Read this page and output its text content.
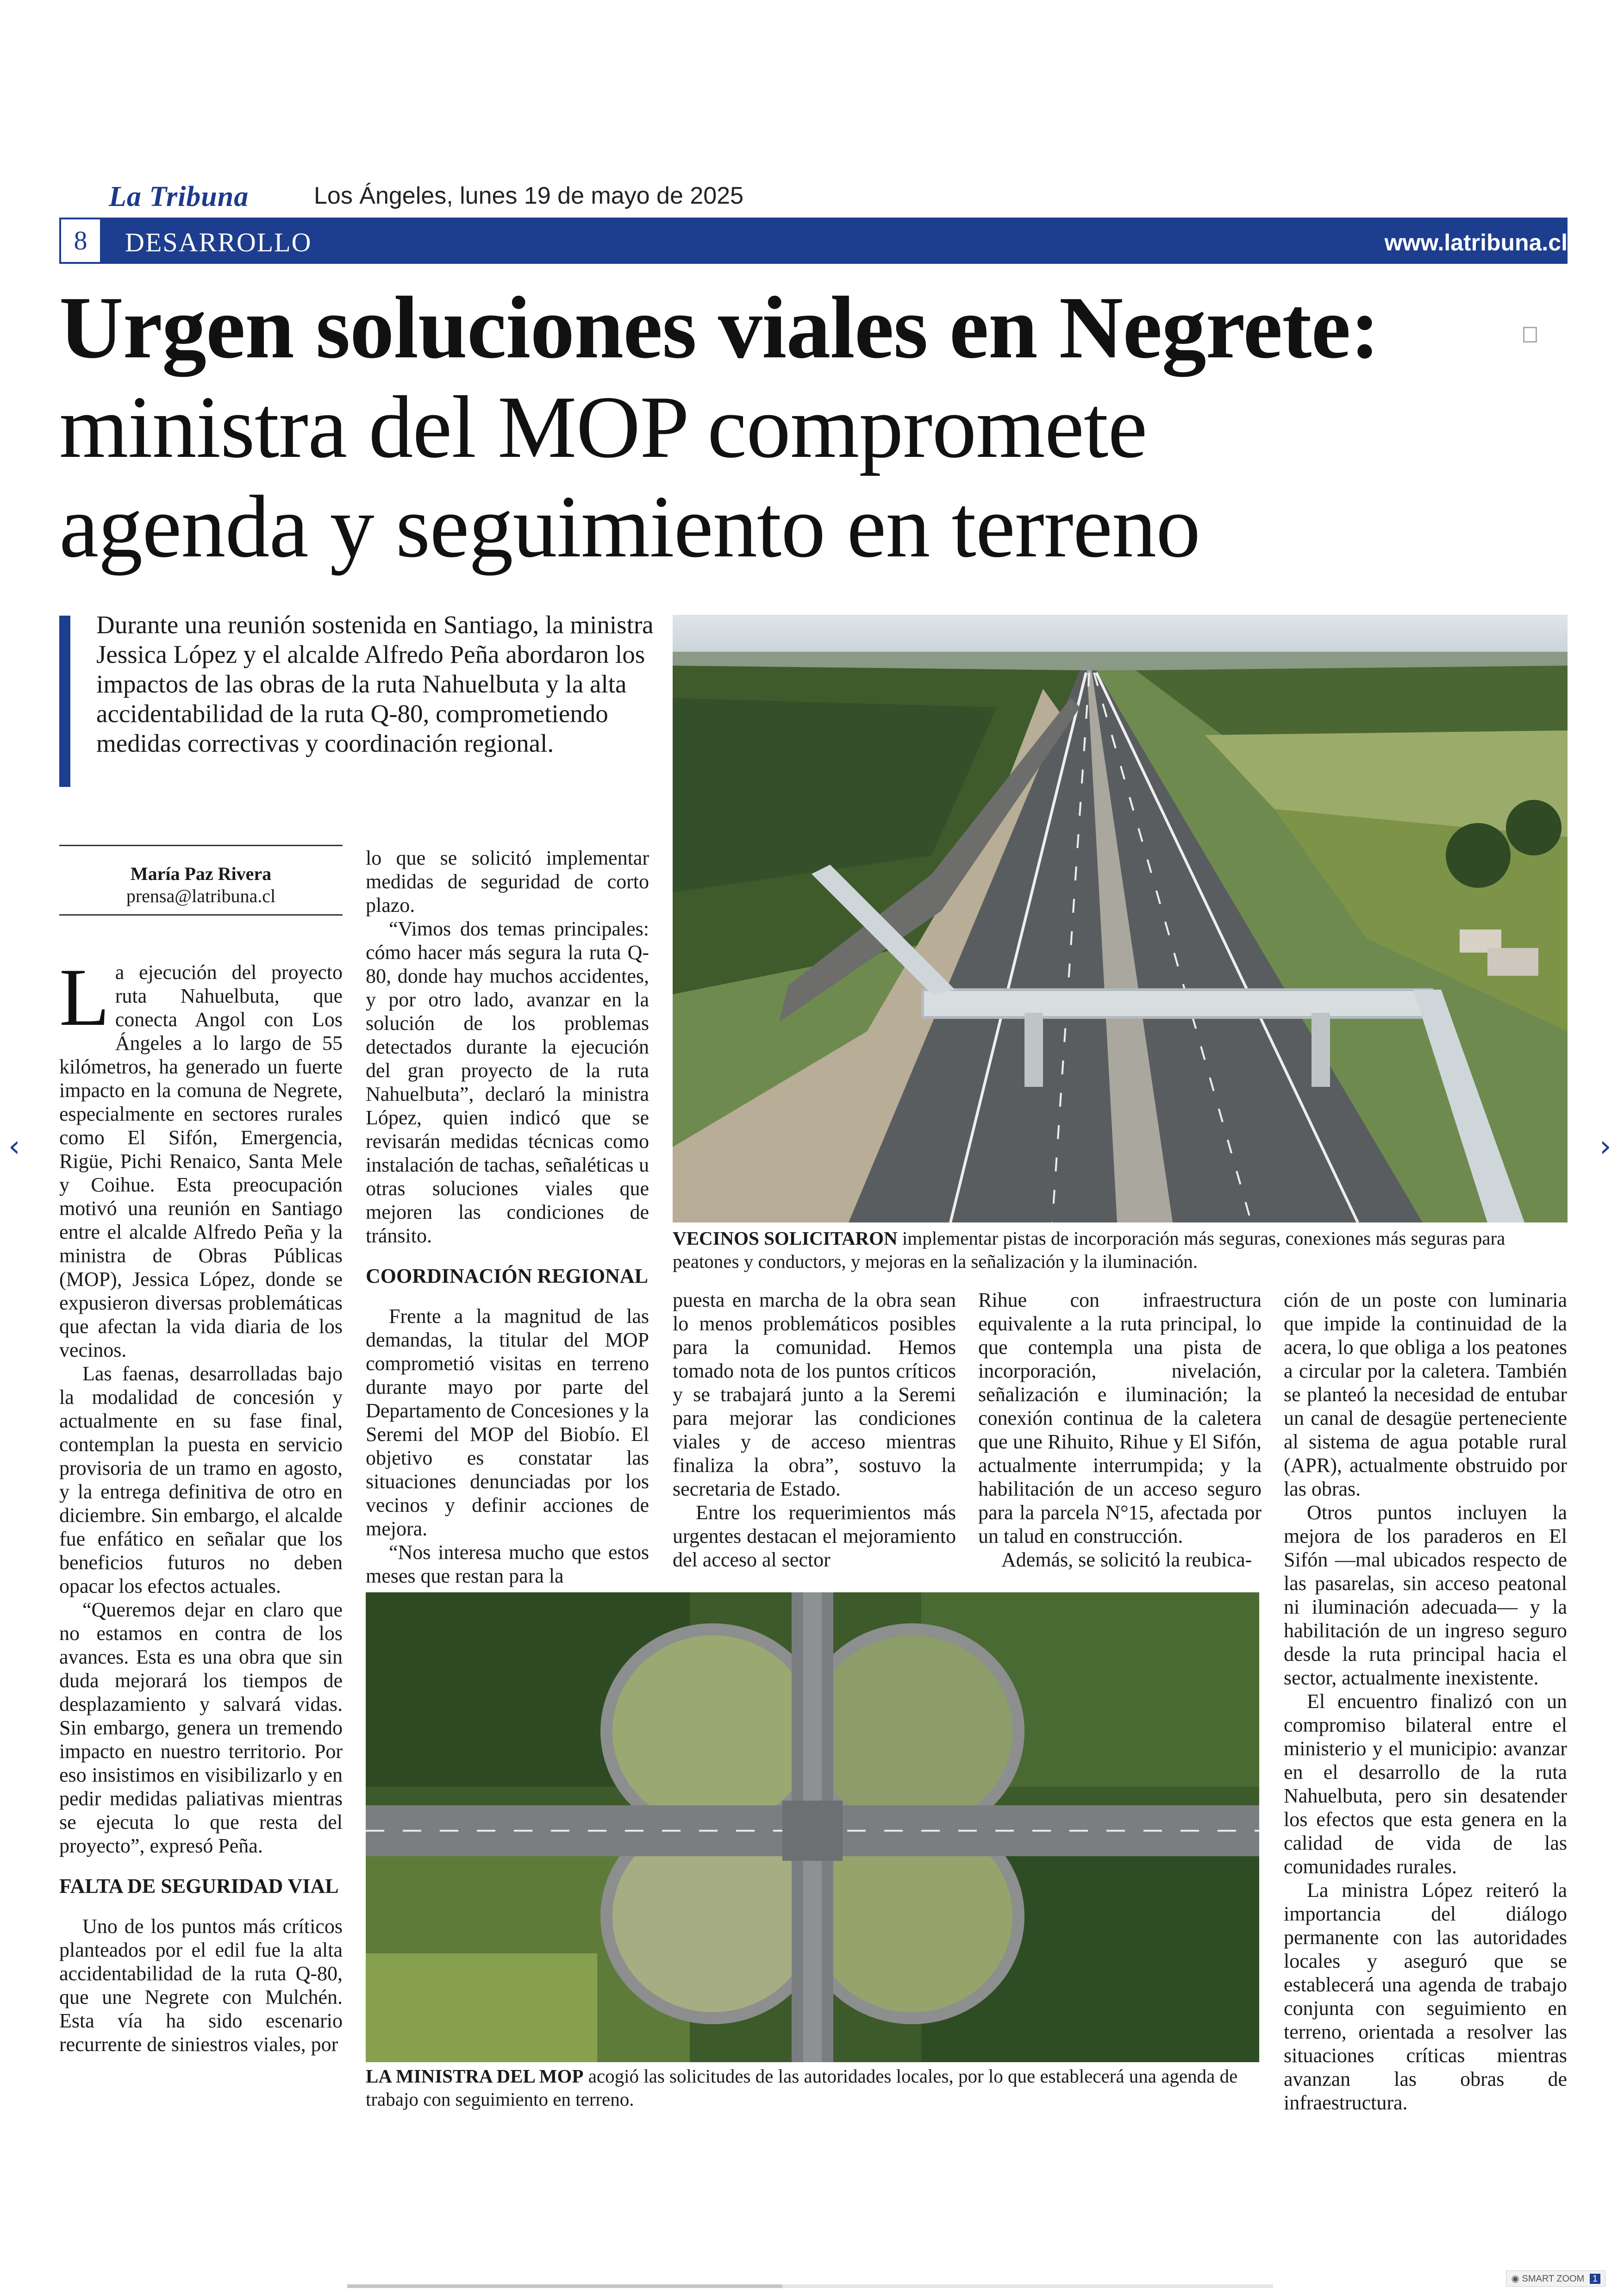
La Tribuna	Los Ángeles, lunes 19 de mayo de 2025
8	DESARROLLO	www.latribuna.cl
Urgen soluciones viales en Negrete:
ministra del MOP compromete
agenda y seguimiento en terreno
Durante una reunión sostenida en Santiago, la ministra Jessica López y el alcalde Alfredo Peña abordaron los impactos de las obras de la ruta Nahuelbuta y la alta accidentabilidad de la ruta Q-80, comprometiendo medidas correctivas y coordinación regional.
María Paz Rivera
prensa@latribuna.cl

La ejecución del proyecto ruta Nahuelbuta, que conecta Angol con Los Ángeles a lo largo de 55 kilómetros, ha generado un fuerte impacto en la comuna de Negrete, especialmente en sectores rurales como El Sifón, Emergencia, Rigüe, Pichi Renaico, Santa Mele y Coihue. Esta preocupación motivó una reunión en Santiago entre el alcalde Alfredo Peña y la ministra de Obras Públicas (MOP), Jessica López, donde se expusieron diversas problemáticas que afectan la vida diaria de los vecinos.

Las faenas, desarrolladas bajo la modalidad de concesión y actualmente en su fase final, contemplan la puesta en servicio provisoria de un tramo en agosto, y la entrega definitiva de otro en diciembre. Sin embargo, el alcalde fue enfático en señalar que los beneficios futuros no deben opacar los efectos actuales.

“Queremos dejar en claro que no estamos en contra de los avances. Esta es una obra que sin duda mejorará los tiempos de desplazamiento y salvará vidas. Sin embargo, genera un tremendo impacto en nuestro territorio. Por eso insistimos en visibilizarlo y en pedir medidas paliativas mientras se ejecuta lo que resta del proyecto”, expresó Peña.

FALTA DE SEGURIDAD VIAL

Uno de los puntos más críticos planteados por el edil fue la alta accidentabilidad de la ruta Q-80, que une Negrete con Mulchén. Esta vía ha sido escenario recurrente de siniestros viales, por

lo que se solicitó implementar medidas de seguridad de corto plazo.

“Vimos dos temas principales: cómo hacer más segura la ruta Q-80, donde hay muchos accidentes, y por otro lado, avanzar en la solución de los problemas detectados durante la ejecución del gran proyecto de la ruta Nahuelbuta”, declaró la ministra López, quien indicó que se revisarán medidas técnicas como instalación de tachas, señaléticas u otras soluciones viales que mejoren las condiciones de tránsito.

COORDINACIÓN REGIONAL

Frente a la magnitud de las demandas, la titular del MOP comprometió visitas en terreno durante mayo por parte del Departamento de Concesiones y la Seremi del MOP del Biobío. El objetivo es constatar las situaciones denunciadas por los vecinos y definir acciones de mejora.

“Nos interesa mucho que estos meses que restan para la

VECINOS SOLICITARON implementar pistas de incorporación más seguras, conexiones más seguras para peatones y conductors, y mejoras en la señalización y la iluminación.

puesta en marcha de la obra sean lo menos problemáticos posibles para la comunidad. Hemos tomado nota de los puntos críticos y se trabajará junto a la Seremi para mejorar las condiciones viales y de acceso mientras finaliza la obra”, sostuvo la secretaria de Estado.

Entre los requerimientos más urgentes destacan el mejoramiento del acceso al sector

Rihue con infraestructura equivalente a la ruta principal, lo que contempla una pista de incorporación, nivelación, señalización e iluminación; la conexión continua de la caletera que une Rihuito, Rihue y El Sifón, actualmente interrumpida; y la habilitación de un acceso seguro para la parcela N°15, afectada por un talud en construcción.

Además, se solicitó la reubica-

ción de un poste con luminaria que impide la continuidad de la acera, lo que obliga a los peatones a circular por la caletera. También se planteó la necesidad de entubar un canal de desagüe perteneciente al sistema de agua potable rural (APR), actualmente obstruido por las obras.

Otros puntos incluyen la mejora de los paraderos en El Sifón —mal ubicados respecto de las pasarelas, sin acceso peatonal ni iluminación adecuada— y la habilitación de un ingreso seguro desde la ruta principal hacia el sector, actualmente inexistente.

El encuentro finalizó con un compromiso bilateral entre el ministerio y el municipio: avanzar en el desarrollo de la ruta Nahuelbuta, pero sin desatender los efectos que esta genera en la calidad de vida de las comunidades rurales.

La ministra López reiteró la importancia del diálogo permanente con las autoridades locales y aseguró que se establecerá una agenda de trabajo conjunta con seguimiento en terreno, orientada a resolver las situaciones críticas mientras avanzan las obras de infraestructura.

LA MINISTRA DEL MOP acogió las solicitudes de las autoridades locales, por lo que establecerá una agenda de trabajo con seguimiento en terreno.
‹	›
◉ SMART ZOOM 1
